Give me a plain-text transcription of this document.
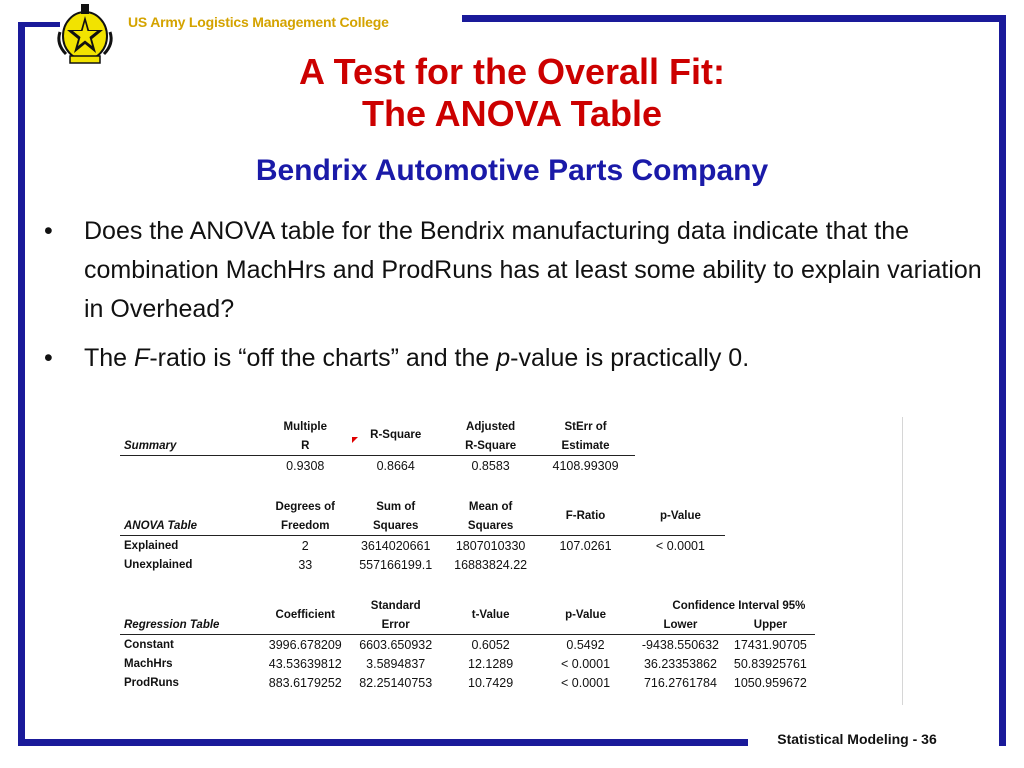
US Army Logistics Management College
A Test for the Overall Fit:
The ANOVA Table
Bendrix Automotive Parts Company
• Does the ANOVA table for the Bendrix manufacturing data indicate that the combination MachHrs and ProdRuns has at least some ability to explain variation in Overhead?
• The F-ratio is “off the charts” and the p-value is practically 0.
	Multiple		Adjusted	StErr of			
Summary	R	R-Square	R-Square	Estimate			
	0.9308	0.8664	0.8583	4108.99309			

	Degrees of	Sum of	Mean of				
ANOVA Table	Freedom	Squares	Squares	F-Ratio	p-Value		
Explained	2	3614020661	1807010330	107.0261	< 0.0001		
Unexplained	33	557166199.1	16883824.22				

		Standard			Confidence Interval 95%		
Regression Table	Coefficient	Error	t-Value	p-Value	Lower	Upper	
Constant	3996.678209	6603.650932	0.6052	0.5492	-9438.550632	17431.90705	
MachHrs	43.53639812	3.5894837	12.1289	< 0.0001	36.23353862	50.83925761	
ProdRuns	883.6179252	82.25140753	10.7429	< 0.0001	716.2761784	1050.959672	
Statistical Modeling - 36
